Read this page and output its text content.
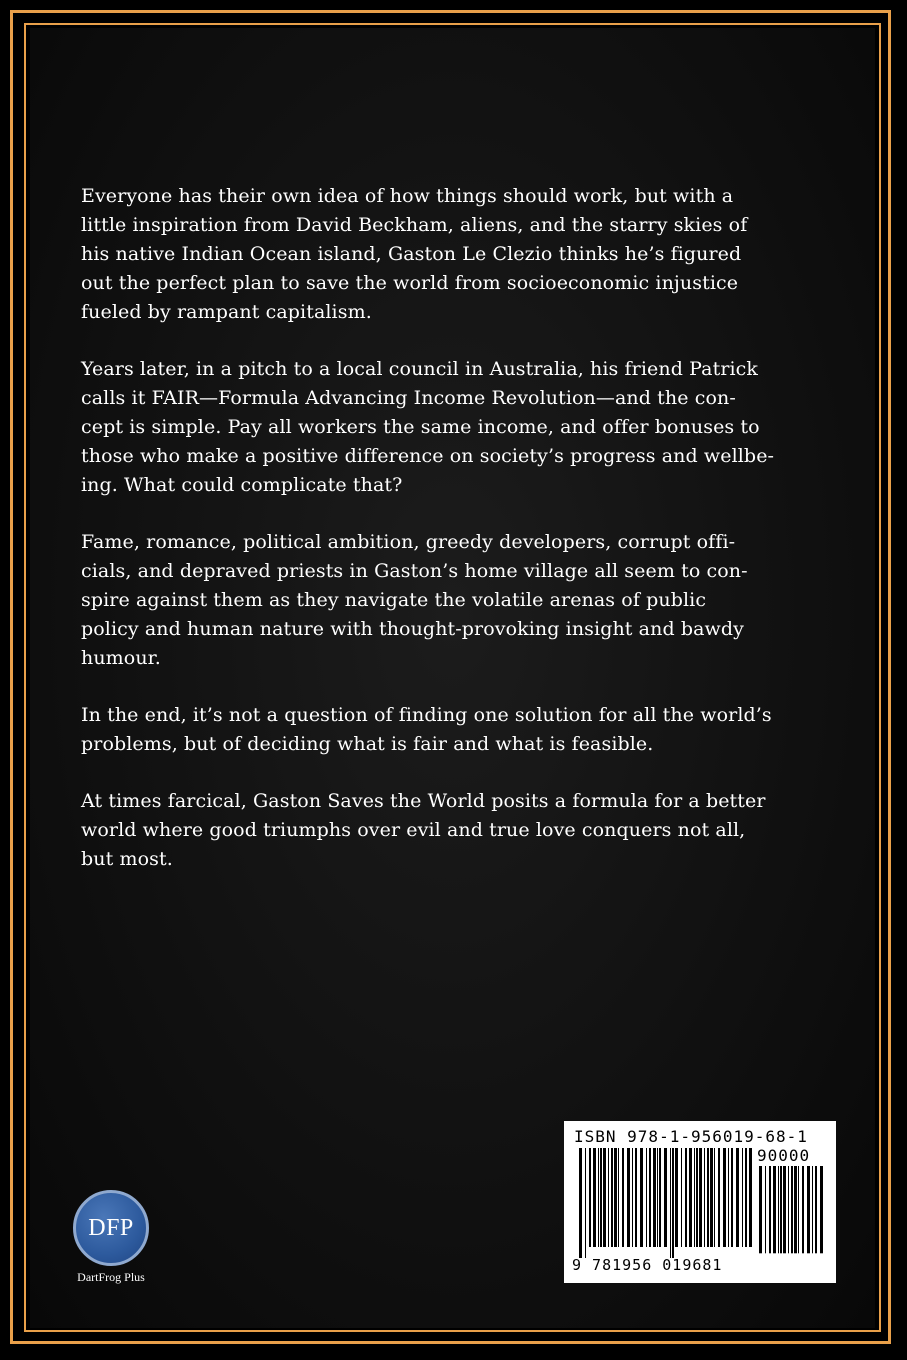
Everyone has their own idea of how things should work, but with a
little inspiration from David Beckham, aliens, and the starry skies of
his native Indian Ocean island, Gaston Le Clezio thinks he’s figured
out the perfect plan to save the world from socioeconomic injustice
fueled by rampant capitalism.

Years later, in a pitch to a local council in Australia, his friend Patrick
calls it FAIR—Formula Advancing Income Revolution—and the con-
cept is simple. Pay all workers the same income, and offer bonuses to
those who make a positive difference on society’s progress and wellbe-
ing. What could complicate that?

Fame, romance, political ambition, greedy developers, corrupt offi-
cials, and depraved priests in Gaston’s home village all seem to con-
spire against them as they navigate the volatile arenas of public
policy and human nature with thought-provoking insight and bawdy
humour.

In the end, it’s not a question of finding one solution for all the world’s
problems, but of deciding what is fair and what is feasible.

At times farcical, Gaston Saves the World posits a formula for a better
world where good triumphs over evil and true love conquers not all,
but most.

DFP
DartFrog Plus
ISBN 978-1-956019-68-1
90000
9 781956 019681
